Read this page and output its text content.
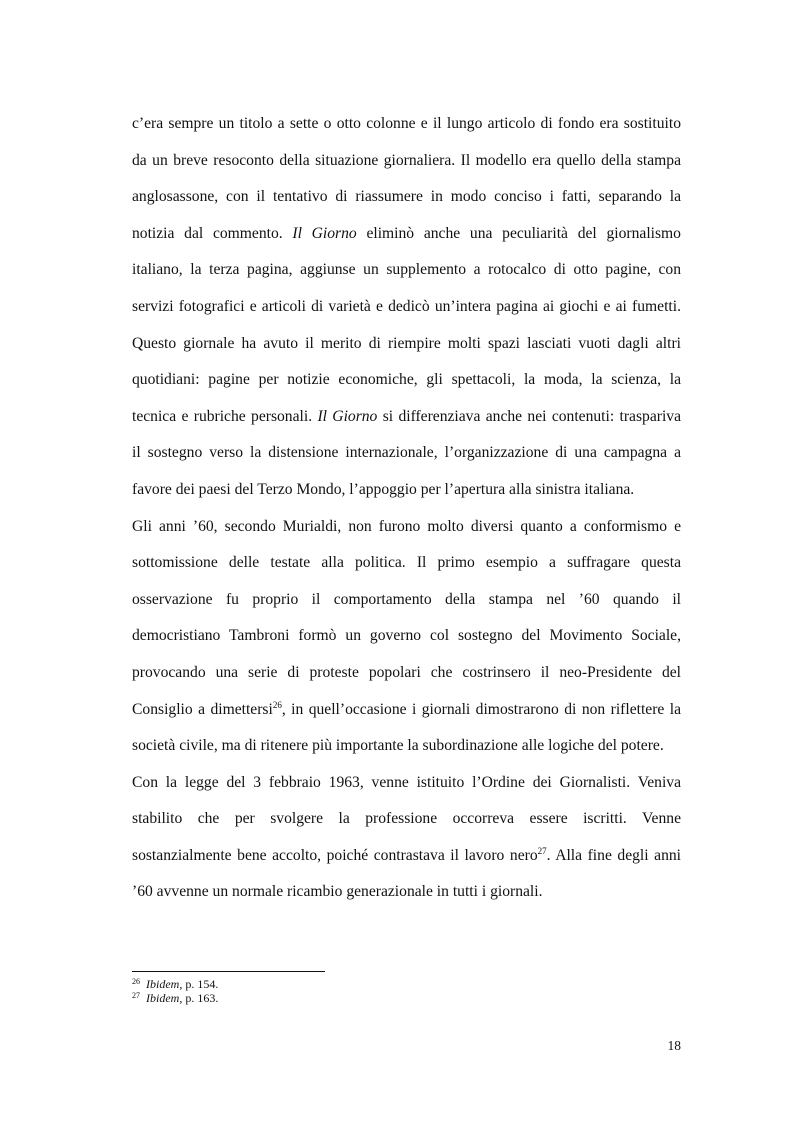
c’era sempre un titolo a sette o otto colonne e il lungo articolo di fondo era sostituito
da un breve resoconto della situazione giornaliera. Il modello era quello della stampa
anglosassone, con il tentativo di riassumere in modo conciso i fatti, separando la
notizia dal commento. Il Giorno eliminò anche una peculiarità del giornalismo
italiano, la terza pagina, aggiunse un supplemento a rotocalco di otto pagine, con
servizi fotografici e articoli di varietà e dedicò un’intera pagina ai giochi e ai fumetti.
Questo giornale ha avuto il merito di riempire molti spazi lasciati vuoti dagli altri
quotidiani: pagine per notizie economiche, gli spettacoli, la moda, la scienza, la
tecnica e rubriche personali. Il Giorno si differenziava anche nei contenuti: traspariva
il sostegno verso la distensione internazionale, l’organizzazione di una campagna a
favore dei paesi del Terzo Mondo, l’appoggio per l’apertura alla sinistra italiana.
Gli anni ’60, secondo Murialdi, non furono molto diversi quanto a conformismo e
sottomissione delle testate alla politica. Il primo esempio a suffragare questa
osservazione fu proprio il comportamento della stampa nel ’60 quando il
democristiano Tambroni formò un governo col sostegno del Movimento Sociale,
provocando una serie di proteste popolari che costrinsero il neo-Presidente del
Consiglio a dimettersi$^{26}$, in quell’occasione i giornali dimostrarono di non riflettere la
società civile, ma di ritenere più importante la subordinazione alle logiche del potere.
Con la legge del 3 febbraio 1963, venne istituito l’Ordine dei Giornalisti. Veniva
stabilito che per svolgere la professione occorreva essere iscritti. Venne
sostanzialmente bene accolto, poiché contrastava il lavoro nero$^{27}$. Alla fine degli anni
’60 avvenne un normale ricambio generazionale in tutti i giornali.
$^{26}$ Ibidem, p. 154.
$^{27}$ Ibidem, p. 163.
18
